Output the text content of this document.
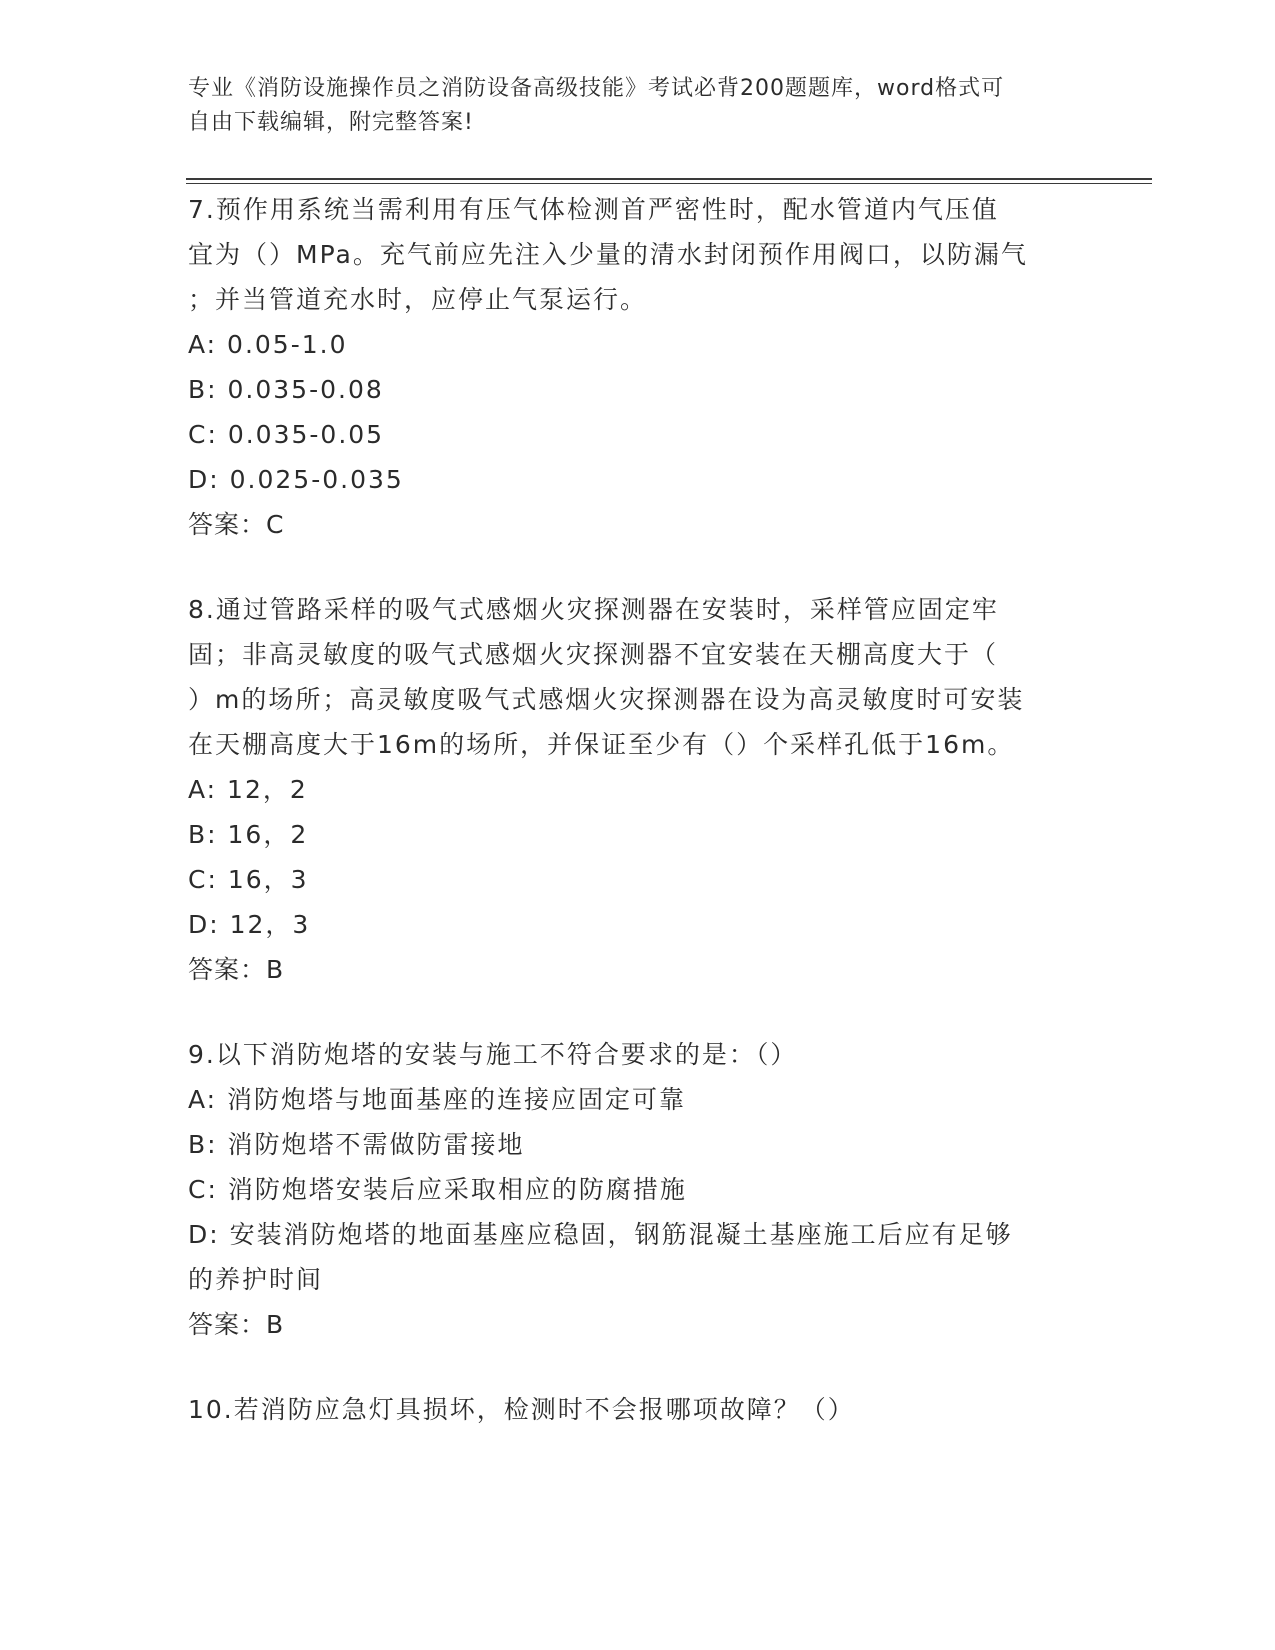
专业《消防设施操作员之消防设备高级技能》考试必背200题题库，word格式可
自由下载编辑，附完整答案!

7.预作用系统当需利用有压气体检测首严密性时，配水管道内气压值

宜为（）MPa。充气前应先注入少量的清水封闭预作用阀口，以防漏气

；并当管道充水时，应停止气泵运行。

A: 0.05-1.0

B: 0.035-0.08

C: 0.035-0.05

D: 0.025-0.035

答案：C

8.通过管路采样的吸气式感烟火灾探测器在安装时，采样管应固定牢

固；非高灵敏度的吸气式感烟火灾探测器不宜安装在天棚高度大于（

）m的场所；高灵敏度吸气式感烟火灾探测器在设为高灵敏度时可安装

在天棚高度大于16m的场所，并保证至少有（）个采样孔低于16m。

A: 12，2

B: 16，2

C: 16，3

D: 12，3

答案：B

9.以下消防炮塔的安装与施工不符合要求的是：（）

A: 消防炮塔与地面基座的连接应固定可靠

B: 消防炮塔不需做防雷接地

C: 消防炮塔安装后应采取相应的防腐措施

D: 安装消防炮塔的地面基座应稳固，钢筋混凝土基座施工后应有足够
的养护时间

答案：B

10.若消防应急灯具损坏，检测时不会报哪项故障？（）
